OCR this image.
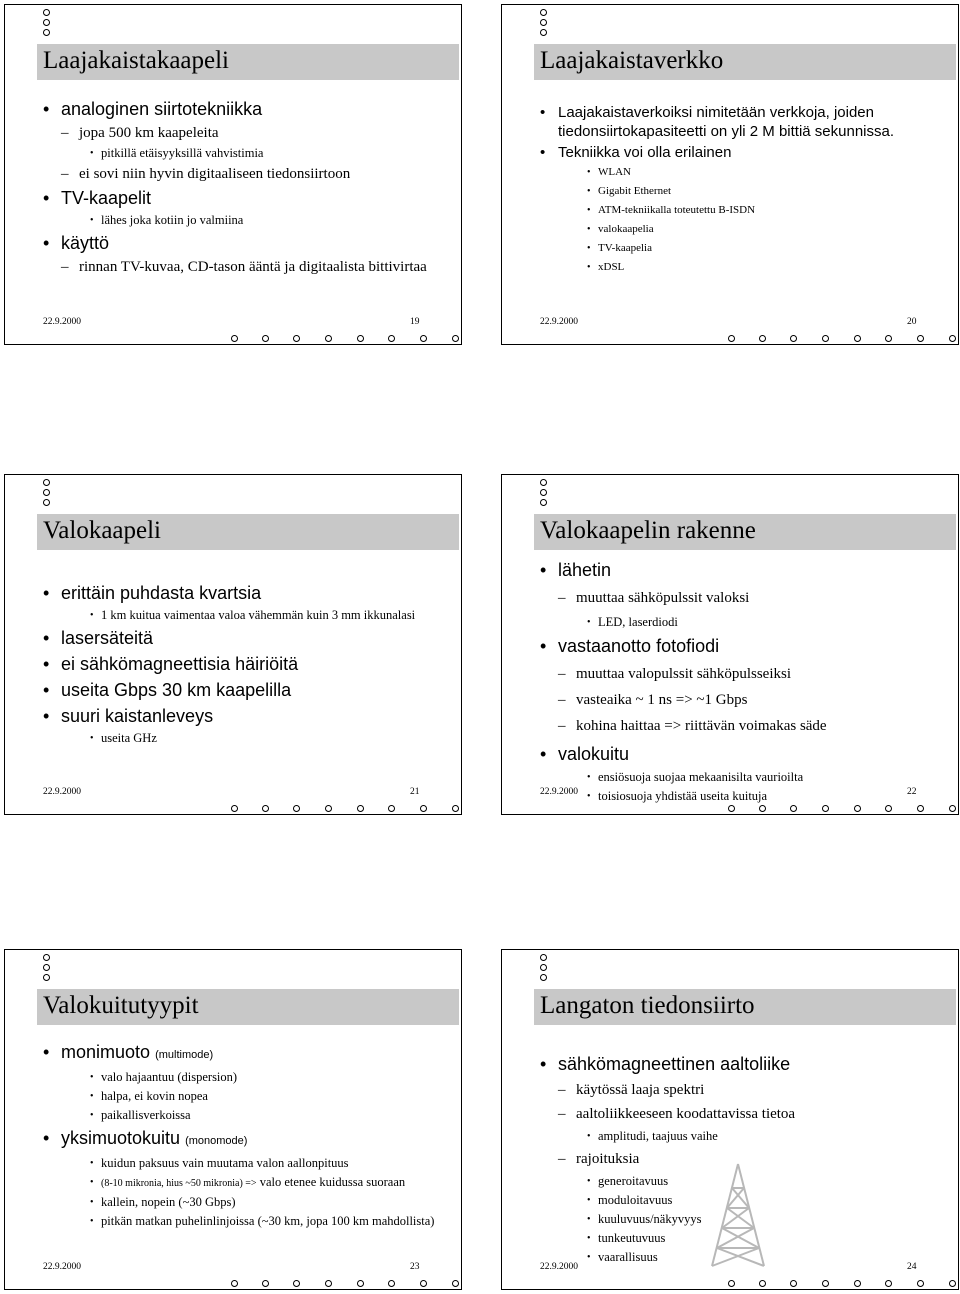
Laajakaistakaapeli
• analoginen siirtotekniikka
– jopa 500 km kaapeleita
• pitkillä etäisyyksillä vahvistimia
– ei sovi niin hyvin digitaaliseen tiedonsiirtoon
• TV-kaapelit
• lähes joka kotiin jo valmiina
• käyttö
– rinnan TV-kuvaa, CD-tason ääntä ja digitaalista bittivirtaa
22.9.2000	19
Laajakaistaverkko
• Laajakaistaverkoiksi nimitetään verkkoja, joiden tiedonsiirtokapasiteetti on yli 2 M bittiä sekunnissa.
• Tekniikka voi olla erilainen
• WLAN
• Gigabit Ethernet
• ATM-tekniikalla toteutettu B-ISDN
• valokaapelia
• TV-kaapelia
• xDSL
22.9.2000	20
Valokaapeli
• erittäin puhdasta kvartsia
• 1 km kuitua vaimentaa valoa vähemmän kuin 3 mm ikkunalasi
• lasersäteitä
• ei sähkömagneettisia häiriöitä
• useita Gbps 30 km kaapelilla
• suuri kaistanleveys
• useita GHz
22.9.2000	21
Valokaapelin rakenne
• lähetin
– muuttaa sähköpulssit valoksi
• LED, laserdiodi
• vastaanotto fotofiodi
– muuttaa valopulssit sähköpulsseiksi
– vasteaika ~ 1 ns => ~1 Gbps
– kohina haittaa => riittävän voimakas säde
• valokuitu
• ensiösuoja suojaa mekaanisilta vaurioilta
• toisiosuoja yhdistää useita kuituja
22.9.2000	22
Valokuitutyypit
• monimuoto (multimode)
• valo hajaantuu (dispersion)
• halpa, ei kovin nopea
• paikallisverkoissa
• yksimuotokuitu (monomode)
• kuidun paksuus vain muutama valon aallonpituus
• (8-10 mikronia, hius ~50 mikronia) => valo etenee kuidussa suoraan
• kallein, nopein (~30 Gbps)
• pitkän matkan puhelinlinjoissa (~30 km, jopa 100 km mahdollista)
22.9.2000	23
Langaton tiedonsiirto
• sähkömagneettinen aaltoliike
– käytössä laaja spektri
– aaltoliikkeeseen koodattavissa tietoa
• amplitudi, taajuus vaihe
– rajoituksia
• generoitavuus
• moduloitavuus
• kuuluvuus/näkyvyys
• tunkeutuvuus
• vaarallisuus
22.9.2000	24
